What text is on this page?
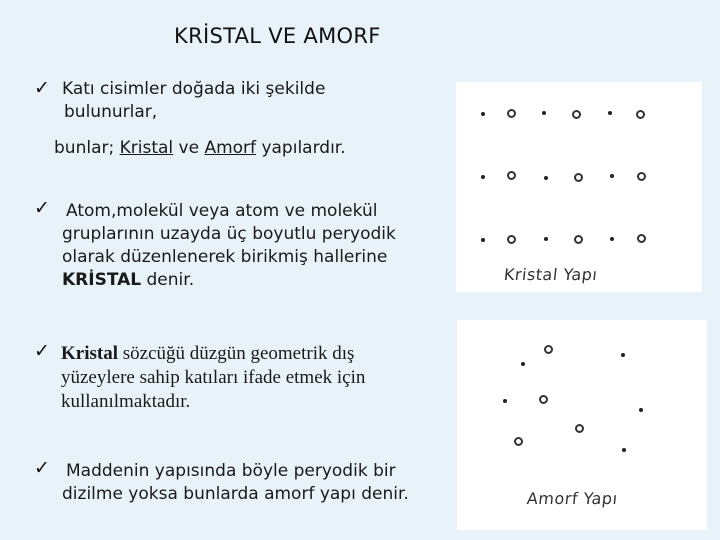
KRİSTAL VE AMORF
✓ Katı cisimler doğada iki şekilde
bulunurlar,
bunlar; Kristal ve Amorf yapılardır.
✓ Atom,molekül veya atom ve molekül
gruplarının uzayda üç boyutlu peryodik
olarak düzenlenerek birikmiş hallerine
KRİSTAL denir.
✓ Kristal sözcüğü düzgün geometrik dış
yüzeylere sahip katıları ifade etmek için
kullanılmaktadır.
✓ Maddenin yapısında böyle peryodik bir
dizilme yoksa bunlarda amorf yapı denir.
Kristal Yapı
Amorf Yapı
